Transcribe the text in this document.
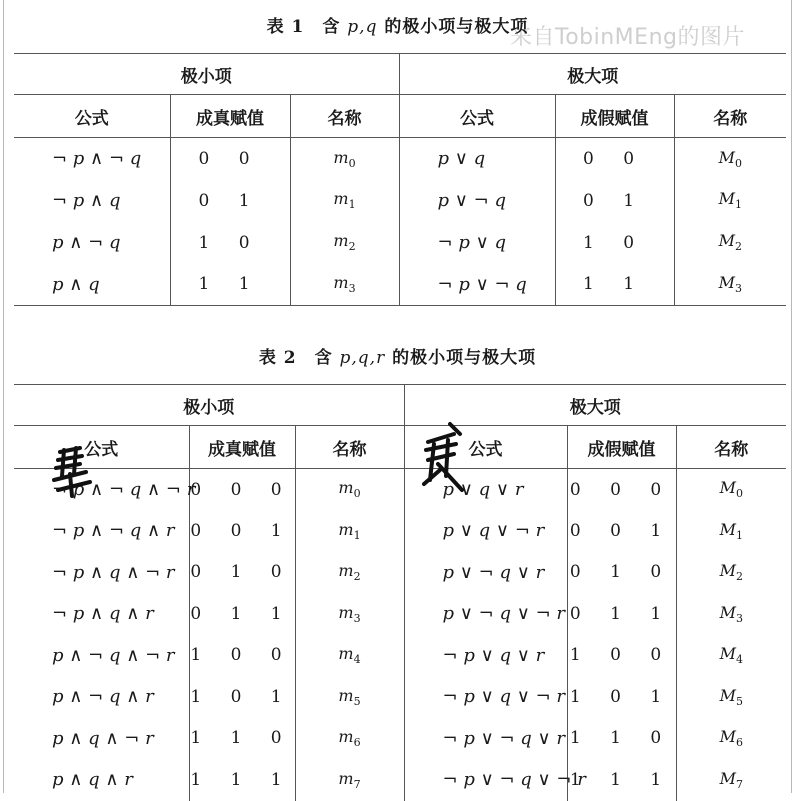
来自TobinMEng的图片
表 1 含 p,q 的极小项与极大项
极小项			极大项		
公式	成真赋值	名称	公式	成假赋值	名称
¬ p ∧ ¬ q	0 0	$m_0$	p ∨ q	0 0	$M_0$
¬ p ∧ q	0 1	$m_1$	p ∨ ¬ q	0 1	$M_1$
p ∧ ¬ q	1 0	$m_2$	¬ p ∨ q	1 0	$M_2$
p ∧ q	1 1	$m_3$	¬ p ∨ ¬ q	1 1	$M_3$
表 2 含 p,q,r 的极小项与极大项
极小项			极大项		
公式	成真赋值	名称	公式	成假赋值	名称
¬ p ∧ ¬ q ∧ ¬ r	0 0 0	$m_0$	p ∨ q ∨ r	0 0 0	$M_0$
¬ p ∧ ¬ q ∧ r	0 0 1	$m_1$	p ∨ q ∨ ¬ r	0 0 1	$M_1$
¬ p ∧ q ∧ ¬ r	0 1 0	$m_2$	p ∨ ¬ q ∨ r	0 1 0	$M_2$
¬ p ∧ q ∧ r	0 1 1	$m_3$	p ∨ ¬ q ∨ ¬ r	0 1 1	$M_3$
p ∧ ¬ q ∧ ¬ r	1 0 0	$m_4$	¬ p ∨ q ∨ r	1 0 0	$M_4$
p ∧ ¬ q ∧ r	1 0 1	$m_5$	¬ p ∨ q ∨ ¬ r	1 0 1	$M_5$
p ∧ q ∧ ¬ r	1 1 0	$m_6$	¬ p ∨ ¬ q ∨ r	1 1 0	$M_6$
p ∧ q ∧ r	1 1 1	$m_7$	¬ p ∨ ¬ q ∨ ¬ r	1 1 1	$M_7$
